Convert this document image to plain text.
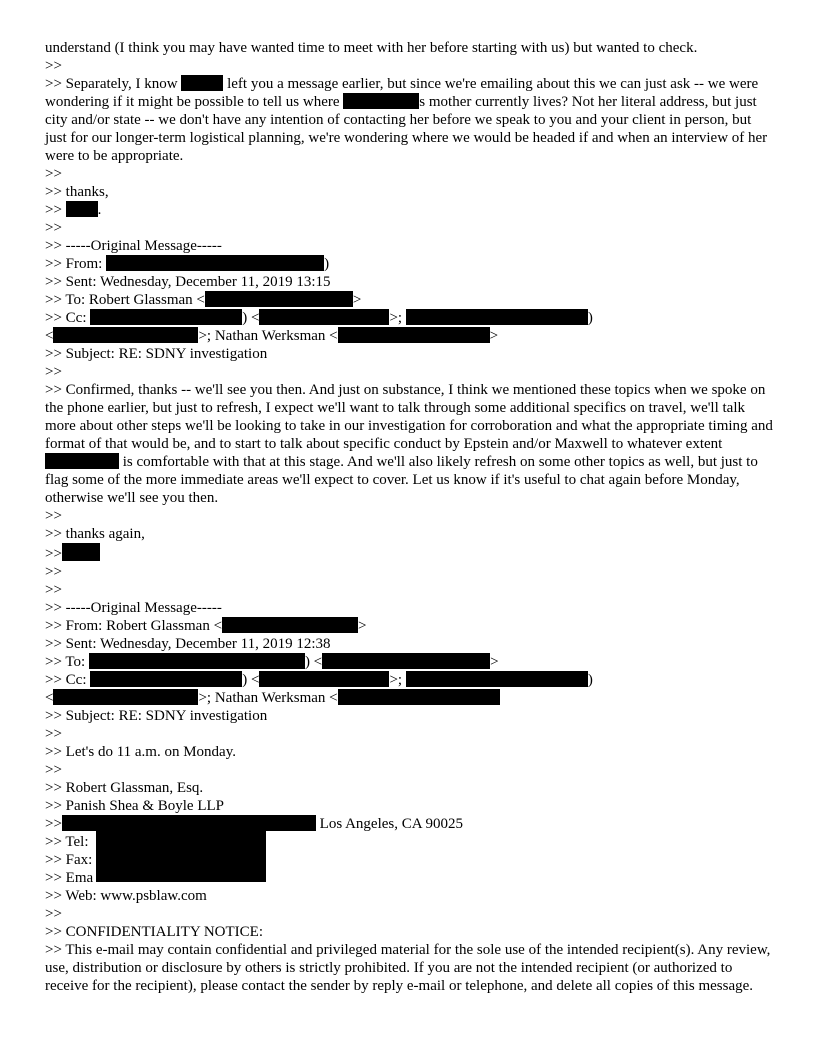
understand (I think you may have wanted time to meet with her before starting with us) but wanted to check.
>>
>> Separately, I know	left you a message earlier, but since we're emailing about this we can just ask -- we were wondering if it might be possible to tell us where	s mother currently lives? Not her literal address, but just city and/or state -- we don't have any intention of contacting her before we speak to you and your client in person, but just for our longer-term logistical planning, we're wondering where we would be headed if and when an interview of her were to be appropriate.
>>
>> thanks,
>> .
>>
>> -----Original Message-----
>> From:	)
>> Sent: Wednesday, December 11, 2019 13:15
>> To: Robert Glassman <	>
>> Cc:	) <	>;	)
<	>; Nathan Werksman <	>
>> Subject: RE: SDNY investigation
>>
>> Confirmed, thanks -- we'll see you then. And just on substance, I think we mentioned these topics when we spoke on the phone earlier, but just to refresh, I expect we'll want to talk through some additional specifics on travel, we'll talk more about other steps we'll be looking to take in our investigation for corroboration and what the appropriate timing and format of that would be, and to start to talk about specific conduct by Epstein and/or Maxwell to whatever extent  is comfortable with that at this stage. And we'll also likely refresh on some other topics as well, but just to flag some of the more immediate areas we'll expect to cover. Let us know if it's useful to chat again before Monday, otherwise we'll see you then.
>>
>> thanks again,
>>
>>
>>
>> -----Original Message-----
>> From: Robert Glassman <	>
>> Sent: Wednesday, December 11, 2019 12:38
>> To:	) <	>
>> Cc:	) <	>;	)
<	>; Nathan Werksman <
>> Subject: RE: SDNY investigation
>>
>> Let's do 11 a.m. on Monday.
>>
>> Robert Glassman, Esq.
>> Panish Shea & Boyle LLP
>>	Los Angeles, CA 90025
>> Tel:
>> Fax:
>> Ema
>> Web: www.psblaw.com
>>
>> CONFIDENTIALITY NOTICE:
>> This e-mail may contain confidential and privileged material for the sole use of the intended recipient(s). Any review, use, distribution or disclosure by others is strictly prohibited. If you are not the intended recipient (or authorized to receive for the recipient), please contact the sender by reply e-mail or telephone, and delete all copies of this message.
